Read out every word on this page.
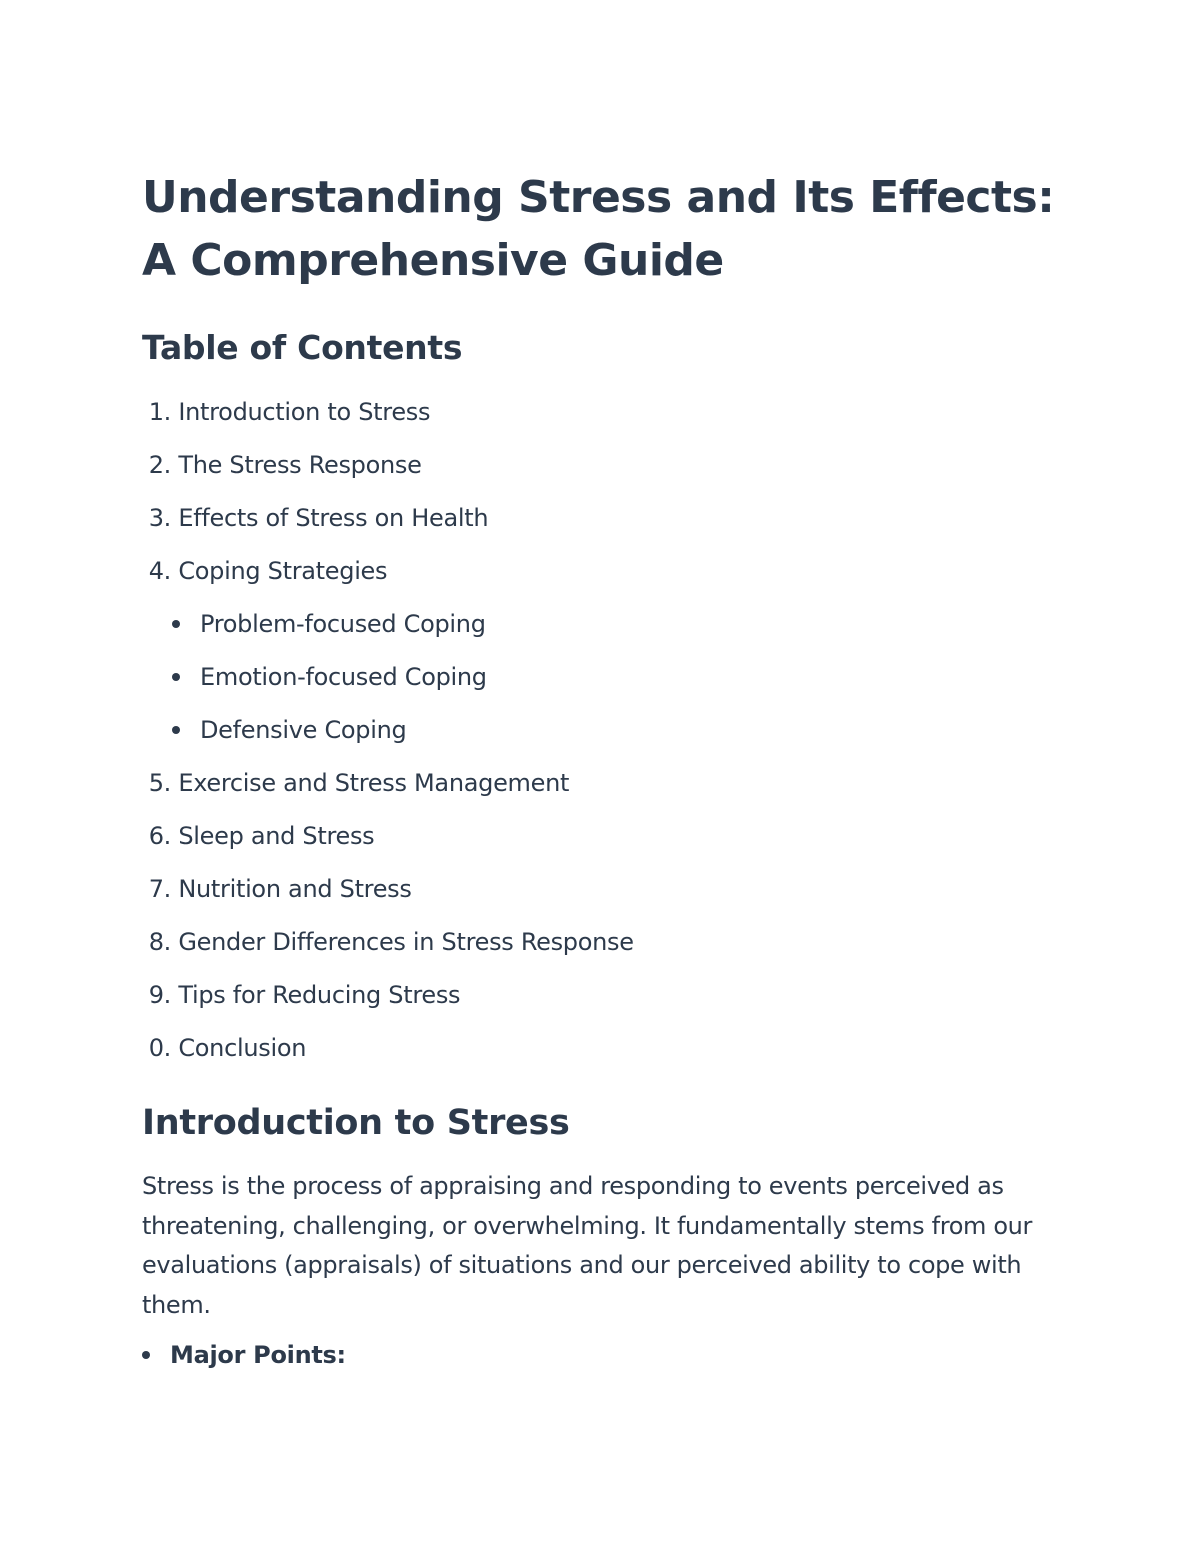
Understanding Stress and Its Effects: A Comprehensive Guide
Table of Contents
1. Introduction to Stress
2. The Stress Response
3. Effects of Stress on Health
4. Coping Strategies
Problem-focused Coping
Emotion-focused Coping
Defensive Coping
5. Exercise and Stress Management
6. Sleep and Stress
7. Nutrition and Stress
8. Gender Differences in Stress Response
9. Tips for Reducing Stress
0. Conclusion
Introduction to Stress

Stress is the process of appraising and responding to events perceived as threatening, challenging, or overwhelming. It fundamentally stems from our evaluations (appraisals) of situations and our perceived ability to cope with them.

Major Points:
